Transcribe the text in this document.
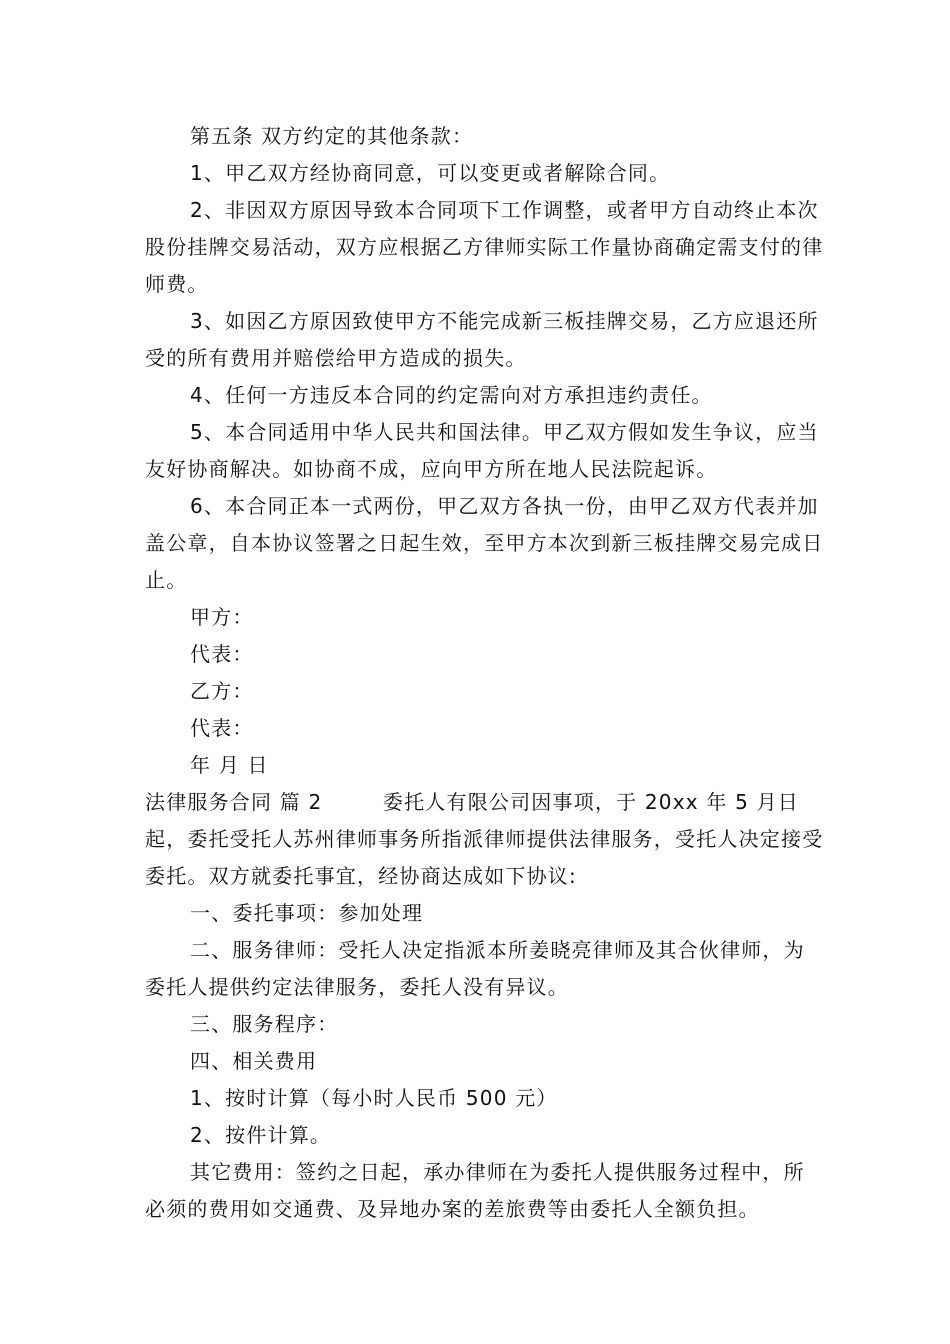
第五条 双方约定的其他条款：

1、甲乙双方经协商同意，可以变更或者解除合同。

2、非因双方原因导致本合同项下工作调整，或者甲方自动终止本次股份挂牌交易活动，双方应根据乙方律师实际工作量协商确定需支付的律师费。

3、如因乙方原因致使甲方不能完成新三板挂牌交易，乙方应退还所受的所有费用并赔偿给甲方造成的损失。

4、任何一方违反本合同的约定需向对方承担违约责任。

5、本合同适用中华人民共和国法律。甲乙双方假如发生争议，应当友好协商解决。如协商不成，应向甲方所在地人民法院起诉。

6、本合同正本一式两份，甲乙双方各执一份，由甲乙双方代表并加盖公章，自本协议签署之日起生效，至甲方本次到新三板挂牌交易完成日止。

甲方：

代表：

乙方：

代表：

年 月 日

法律服务合同 篇 2        委托人有限公司因事项，于 20xx 年 5 月日起，委托受托人苏州律师事务所指派律师提供法律服务，受托人决定接受委托。双方就委托事宜，经协商达成如下协议:

一、委托事项：参加处理

二、服务律师：受托人决定指派本所姜晓亮律师及其合伙律师，为委托人提供约定法律服务，委托人没有异议。

三、服务程序：

四、相关费用

1、按时计算（每小时人民币 500 元）

2、按件计算。

其它费用：签约之日起，承办律师在为委托人提供服务过程中，所必须的费用如交通费、及异地办案的差旅费等由委托人全额负担。
